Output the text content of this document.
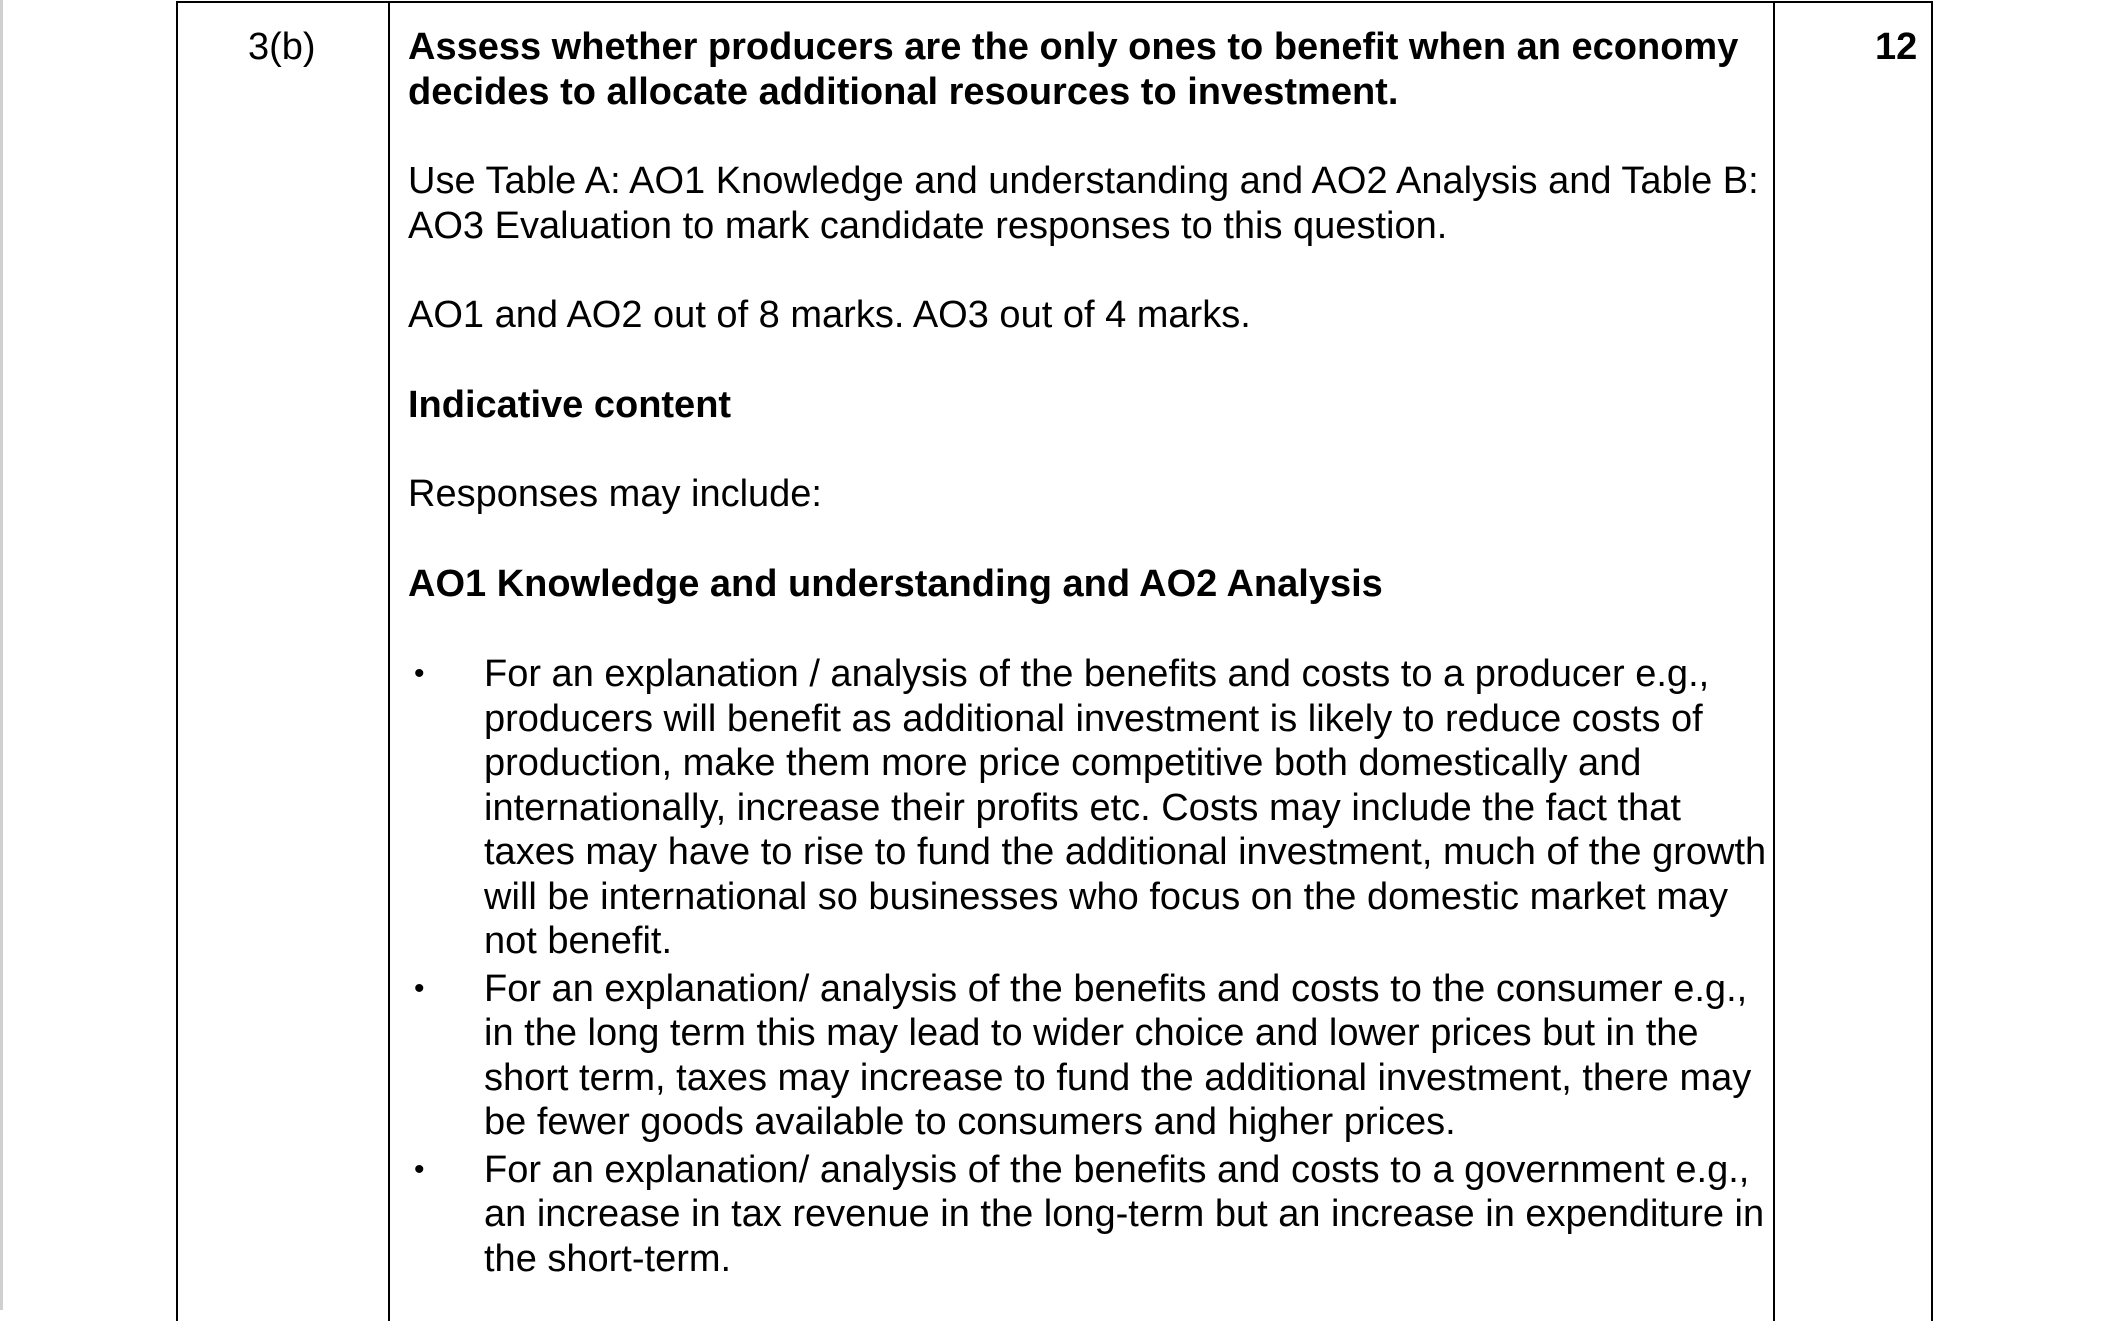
3(b) Assess whether producers are the only ones to benefit when an economy decides to allocate additional resources to investment.

Use Table A: AO1 Knowledge and understanding and AO2 Analysis and Table B: AO3 Evaluation to mark candidate responses to this question.

AO1 and AO2 out of 8 marks. AO3 out of 4 marks.

Indicative content

Responses may include:

AO1 Knowledge and understanding and AO2 Analysis

• For an explanation / analysis of the benefits and costs to a producer e.g., producers will benefit as additional investment is likely to reduce costs of production, make them more price competitive both domestically and internationally, increase their profits etc. Costs may include the fact that taxes may have to rise to fund the additional investment, much of the growth will be international so businesses who focus on the domestic market may not benefit.
• For an explanation/ analysis of the benefits and costs to the consumer e.g., in the long term this may lead to wider choice and lower prices but in the short term, taxes may increase to fund the additional investment, there may be fewer goods available to consumers and higher prices.
• For an explanation/ analysis of the benefits and costs to a government e.g., an increase in tax revenue in the long-term but an increase in expenditure in the short-term.
12
